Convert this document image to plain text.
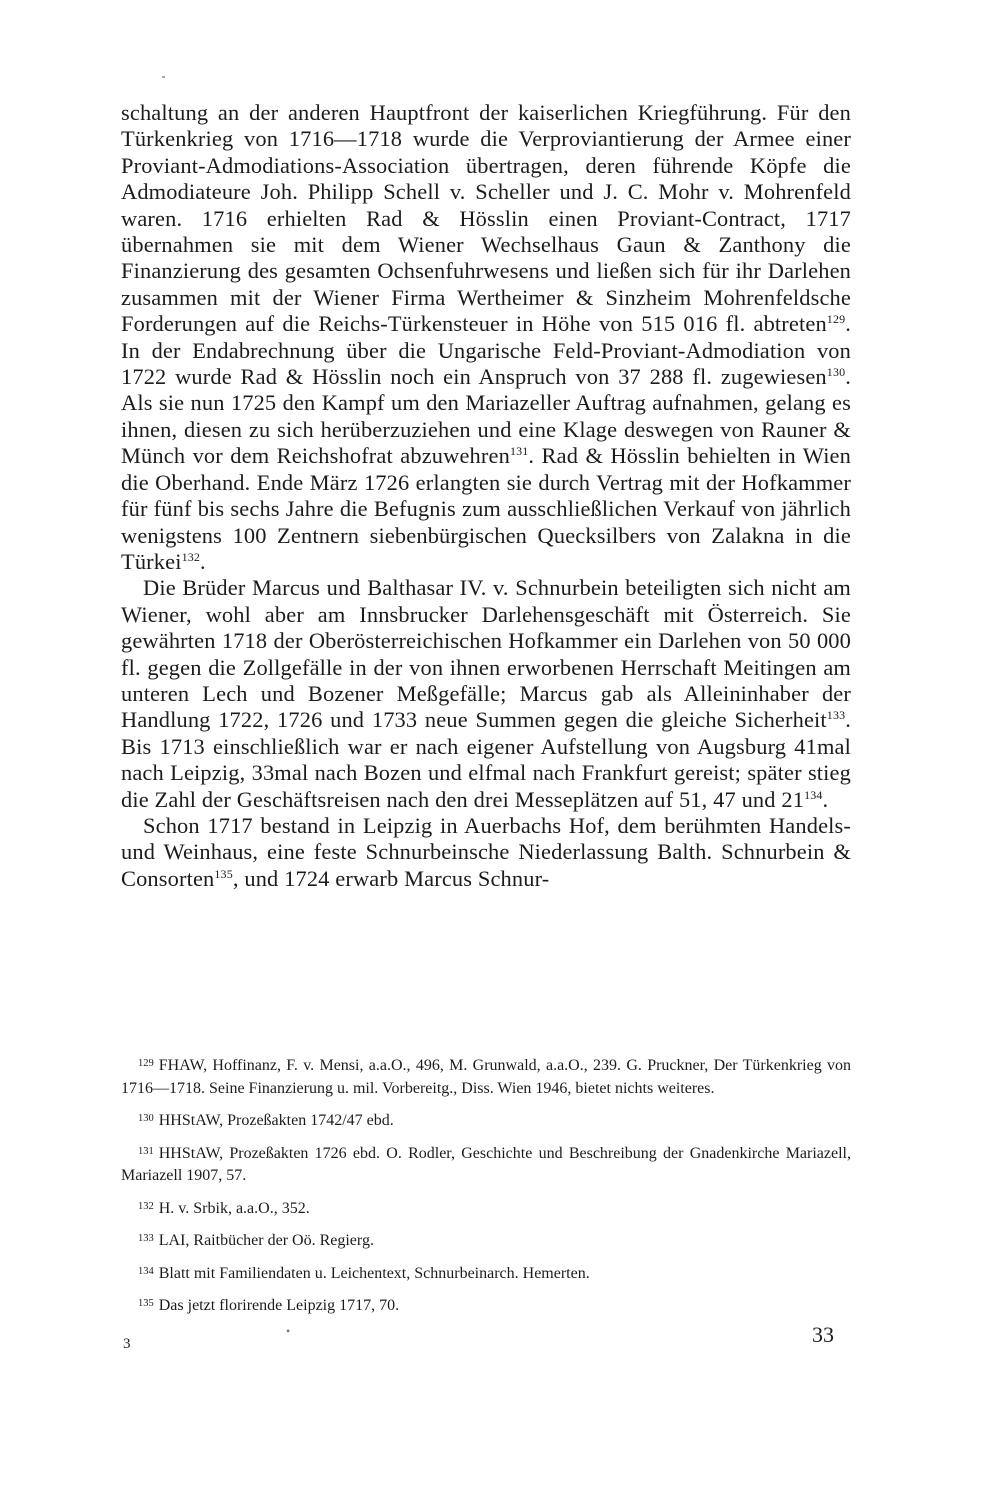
schaltung an der anderen Hauptfront der kaiserlichen Kriegführung. Für den Türkenkrieg von 1716—1718 wurde die Verproviantierung der Armee einer Proviant-Admodiations-Association übertragen, deren führende Köpfe die Admodiateure Joh. Philipp Schell v. Scheller und J. C. Mohr v. Mohrenfeld waren. 1716 erhielten Rad & Hösslin einen Proviant-Contract, 1717 übernahmen sie mit dem Wiener Wechselhaus Gaun & Zanthony die Finanzierung des gesamten Ochsenfuhrwesens und ließen sich für ihr Darlehen zusammen mit der Wiener Firma Wertheimer & Sinzheim Mohrenfeldsche Forderungen auf die Reichs-Türkensteuer in Höhe von 515 016 fl. abtreten$^{129}$. In der Endabrechnung über die Ungarische Feld-Proviant-Admodiation von 1722 wurde Rad & Hösslin noch ein Anspruch von 37 288 fl. zugewiesen$^{130}$. Als sie nun 1725 den Kampf um den Mariazeller Auftrag aufnahmen, gelang es ihnen, diesen zu sich herüberzuziehen und eine Klage deswegen von Rauner & Münch vor dem Reichshofrat abzuwehren$^{131}$. Rad & Hösslin behielten in Wien die Oberhand. Ende März 1726 erlangten sie durch Vertrag mit der Hofkammer für fünf bis sechs Jahre die Befugnis zum ausschließlichen Verkauf von jährlich wenigstens 100 Zentnern siebenbürgischen Quecksilbers von Zalakna in die Türkei$^{132}$.

Die Brüder Marcus und Balthasar IV. v. Schnurbein beteiligten sich nicht am Wiener, wohl aber am Innsbrucker Darlehensgeschäft mit Österreich. Sie gewährten 1718 der Oberösterreichischen Hofkammer ein Darlehen von 50 000 fl. gegen die Zollgefälle in der von ihnen erworbenen Herrschaft Meitingen am unteren Lech und Bozener Meßgefälle; Marcus gab als Alleininhaber der Handlung 1722, 1726 und 1733 neue Summen gegen die gleiche Sicherheit$^{133}$. Bis 1713 einschließlich war er nach eigener Aufstellung von Augsburg 41mal nach Leipzig, 33mal nach Bozen und elfmal nach Frankfurt gereist; später stieg die Zahl der Geschäftsreisen nach den drei Messeplätzen auf 51, 47 und $21^{134}$.

Schon 1717 bestand in Leipzig in Auerbachs Hof, dem berühmten Handels- und Weinhaus, eine feste Schnurbeinsche Niederlassung Balth. Schnurbein & Consorten$^{135}$, und 1724 erwarb Marcus Schnur-

$^{129}$ FHAW, Hoffinanz, F. v. Mensi, a.a.O., 496, M. Grunwald, a.a.O., 239. G. Pruckner, Der Türkenkrieg von 1716—1718. Seine Finanzierung u. mil. Vorbereitg., Diss. Wien 1946, bietet nichts weiteres.

$^{130}$ HHStAW, Prozeßakten 1742/47 ebd.

$^{131}$ HHStAW, Prozeßakten 1726 ebd. O. Rodler, Geschichte und Beschreibung der Gnadenkirche Mariazell, Mariazell 1907, 57.

$^{132}$ H. v. Srbik, a.a.O., 352.

$^{133}$ LAI, Raitbücher der Oö. Regierg.

$^{134}$ Blatt mit Familiendaten u. Leichentext, Schnurbeinarch. Hemerten.

$^{135}$ Das jetzt florirende Leipzig 1717, 70.

3
•	33
